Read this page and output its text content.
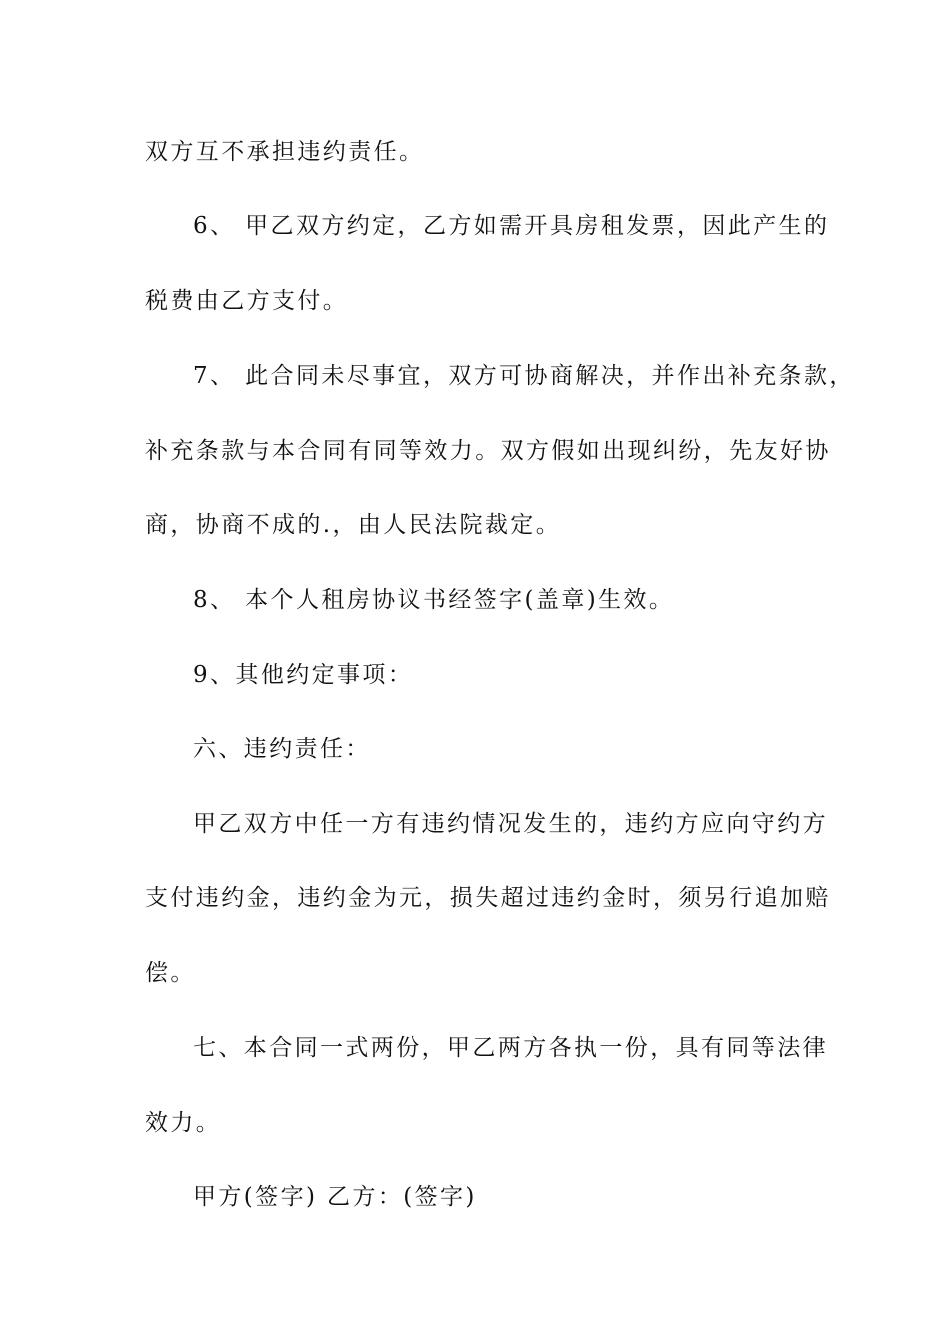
双方互不承担违约责任。
6、 甲乙双方约定，乙方如需开具房租发票，因此产生的
税费由乙方支付。
7、 此合同未尽事宜，双方可协商解决，并作出补充条款，
补充条款与本合同有同等效力。双方假如出现纠纷，先友好协
商，协商不成的.，由人民法院裁定。
8、 本个人租房协议书经签字(盖章)生效。
9、其他约定事项：
六、违约责任：
甲乙双方中任一方有违约情况发生的，违约方应向守约方
支付违约金，违约金为元，损失超过违约金时，须另行追加赔
偿。
七、本合同一式两份，甲乙两方各执一份，具有同等法律
效力。
甲方(签字) 乙方：(签字)
